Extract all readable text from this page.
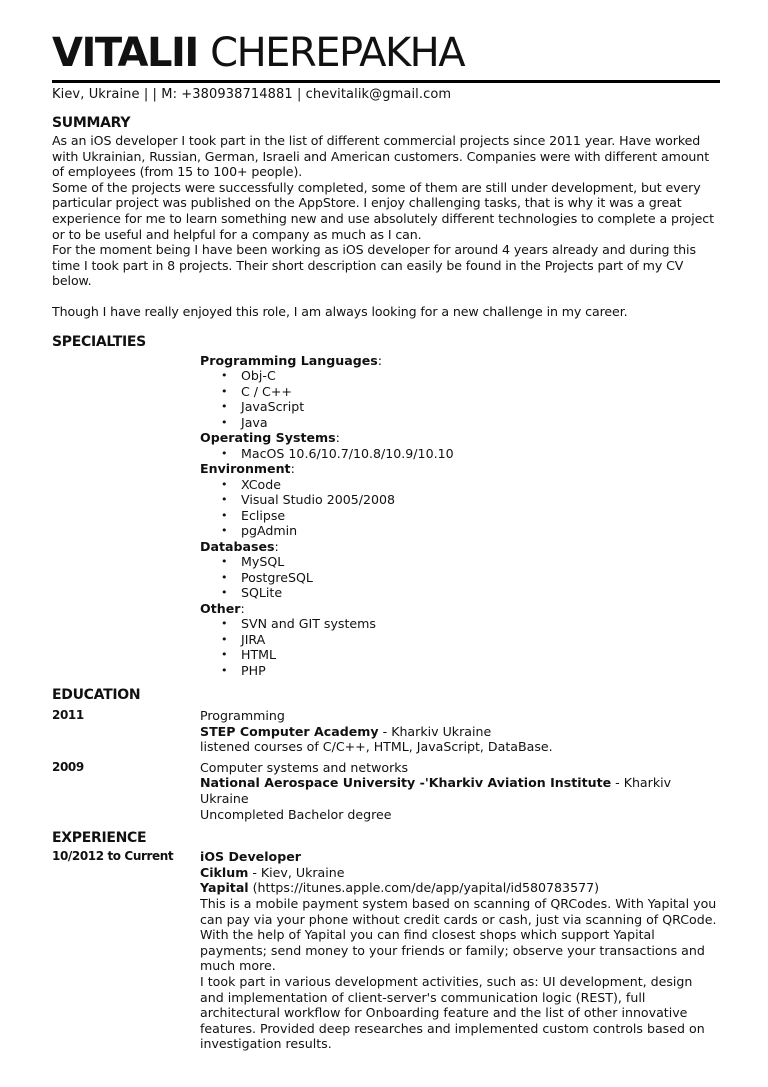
VITALII CHEREPAKHA
Kiev, Ukraine | | M: +380938714881 | chevitalik@gmail.com
SUMMARY

As an iOS developer I took part in the list of different commercial projects since 2011 year. Have worked with Ukrainian, Russian, German, Israeli and American customers. Companies were with different amount of employees (from 15 to 100+ people).

Some of the projects were successfully completed, some of them are still under development, but every particular project was published on the AppStore. I enjoy challenging tasks, that is why it was a great experience for me to learn something new and use absolutely different technologies to complete a project or to be useful and helpful for a company as much as I can.

For the moment being I have been working as iOS developer for around 4 years already and during this time I took part in 8 projects. Their short description can easily be found in the Projects part of my CV below.

Though I have really enjoyed this role, I am always looking for a new challenge in my career.

SPECIALTIES
Programming Languages:
• Obj-C
• C / C++
• JavaScript
• Java
Operating Systems:
• MacOS 10.6/10.7/10.8/10.9/10.10
Environment:
• XCode
• Visual Studio 2005/2008
• Eclipse
• pgAdmin
Databases:
• MySQL
• PostgreSQL
• SQLite
Other:
• SVN and GIT systems
• JIRA
• HTML
• PHP
EDUCATION
2011	Programming
STEP Computer Academy - Kharkiv Ukraine
listened courses of C/C++, HTML, JavaScript, DataBase.
2009	Computer systems and networks
National Aerospace University -'Kharkiv Aviation Institute - Kharkiv Ukraine
Uncompleted Bachelor degree
EXPERIENCE
10/2012 to Current	iOS Developer
Ciklum - Kiev, Ukraine
Yapital (https://itunes.apple.com/de/app/yapital/id580783577)
This is a mobile payment system based on scanning of QRCodes. With Yapital you can pay via your phone without credit cards or cash, just via scanning of QRCode. With the help of Yapital you can find closest shops which support Yapital payments; send money to your friends or family; observe your transactions and much more.
I took part in various development activities, such as: UI development, design and implementation of client-server's communication logic (REST), full architectural workflow for Onboarding feature and the list of other innovative features. Provided deep researches and implemented custom controls based on investigation results.
